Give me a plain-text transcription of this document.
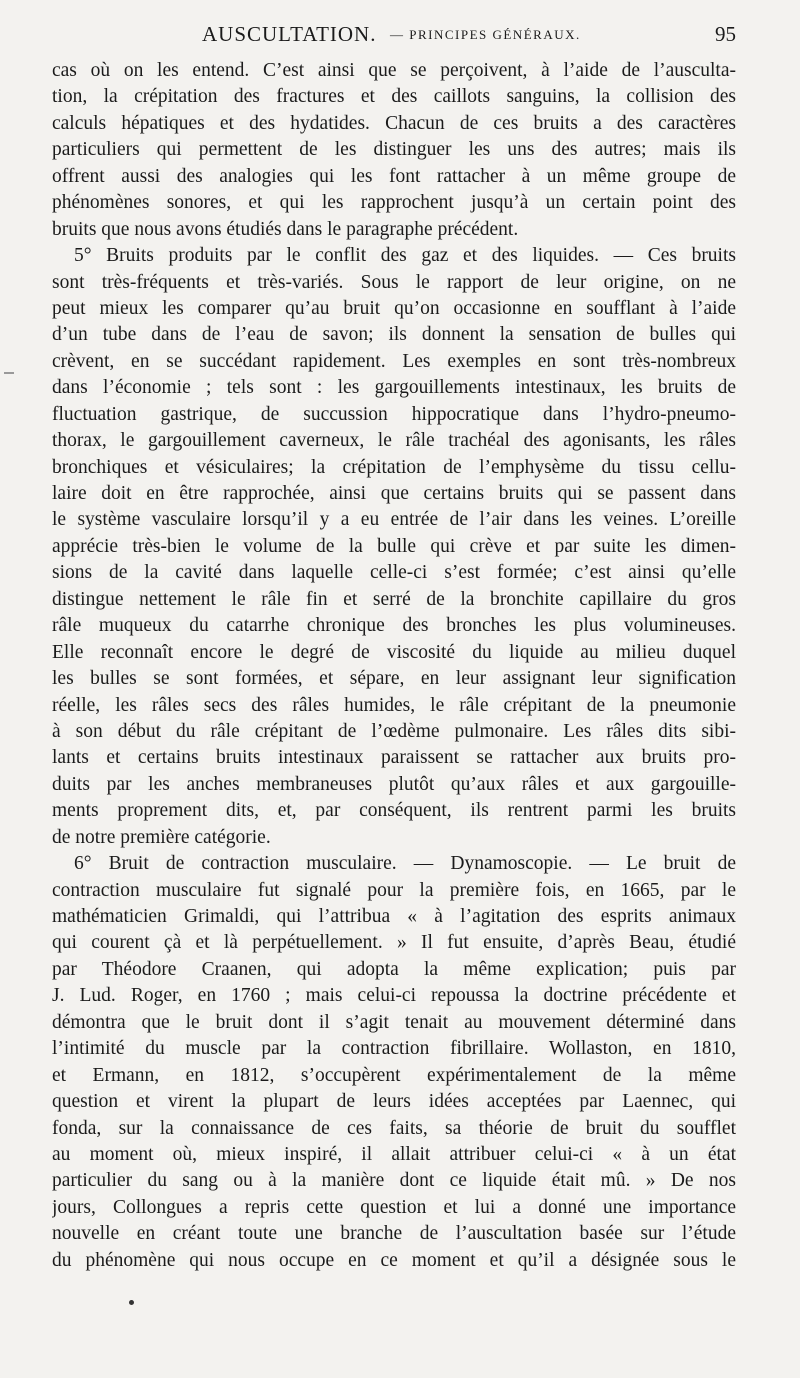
AUSCULTATION. — PRINCIPES GÉNÉRAUX.	95
cas où on les entend. C’est ainsi que se perçoivent, à l’aide de l’ausculta-
tion, la crépitation des fractures et des caillots sanguins, la collision des
calculs hépatiques et des hydatides. Chacun de ces bruits a des caractères
particuliers qui permettent de les distinguer les uns des autres; mais ils
offrent aussi des analogies qui les font rattacher à un même groupe de
phénomènes sonores, et qui les rapprochent jusqu’à un certain point des
bruits que nous avons étudiés dans le paragraphe précédent.
5° Bruits produits par le conflit des gaz et des liquides. — Ces bruits
sont très-fréquents et très-variés. Sous le rapport de leur origine, on ne
peut mieux les comparer qu’au bruit qu’on occasionne en soufflant à l’aide
d’un tube dans de l’eau de savon; ils donnent la sensation de bulles qui
crèvent, en se succédant rapidement. Les exemples en sont très-nombreux
dans l’économie ; tels sont : les gargouillements intestinaux, les bruits de
fluctuation gastrique, de succussion hippocratique dans l’hydro-pneumo-
thorax, le gargouillement caverneux, le râle trachéal des agonisants, les râles
bronchiques et vésiculaires; la crépitation de l’emphysème du tissu cellu-
laire doit en être rapprochée, ainsi que certains bruits qui se passent dans
le système vasculaire lorsqu’il y a eu entrée de l’air dans les veines. L’oreille
apprécie très-bien le volume de la bulle qui crève et par suite les dimen-
sions de la cavité dans laquelle celle-ci s’est formée; c’est ainsi qu’elle
distingue nettement le râle fin et serré de la bronchite capillaire du gros
râle muqueux du catarrhe chronique des bronches les plus volumineuses.
Elle reconnaît encore le degré de viscosité du liquide au milieu duquel
les bulles se sont formées, et sépare, en leur assignant leur signification
réelle, les râles secs des râles humides, le râle crépitant de la pneumonie
à son début du râle crépitant de l’œdème pulmonaire. Les râles dits sibi-
lants et certains bruits intestinaux paraissent se rattacher aux bruits pro-
duits par les anches membraneuses plutôt qu’aux râles et aux gargouille-
ments proprement dits, et, par conséquent, ils rentrent parmi les bruits
de notre première catégorie.
6° Bruit de contraction musculaire. — Dynamoscopie. — Le bruit de
contraction musculaire fut signalé pour la première fois, en 1665, par le
mathématicien Grimaldi, qui l’attribua « à l’agitation des esprits animaux
qui courent çà et là perpétuellement. » Il fut ensuite, d’après Beau, étudié
par Théodore Craanen, qui adopta la même explication; puis par
J. Lud. Roger, en 1760 ; mais celui-ci repoussa la doctrine précédente et
démontra que le bruit dont il s’agit tenait au mouvement déterminé dans
l’intimité du muscle par la contraction fibrillaire. Wollaston, en 1810,
et Ermann, en 1812, s’occupèrent expérimentalement de la même
question et virent la plupart de leurs idées acceptées par Laennec, qui
fonda, sur la connaissance de ces faits, sa théorie de bruit du soufflet
au moment où, mieux inspiré, il allait attribuer celui-ci « à un état
particulier du sang ou à la manière dont ce liquide était mû. » De nos
jours, Collongues a repris cette question et lui a donné une importance
nouvelle en créant toute une branche de l’auscultation basée sur l’étude
du phénomène qui nous occupe en ce moment et qu’il a désignée sous le
